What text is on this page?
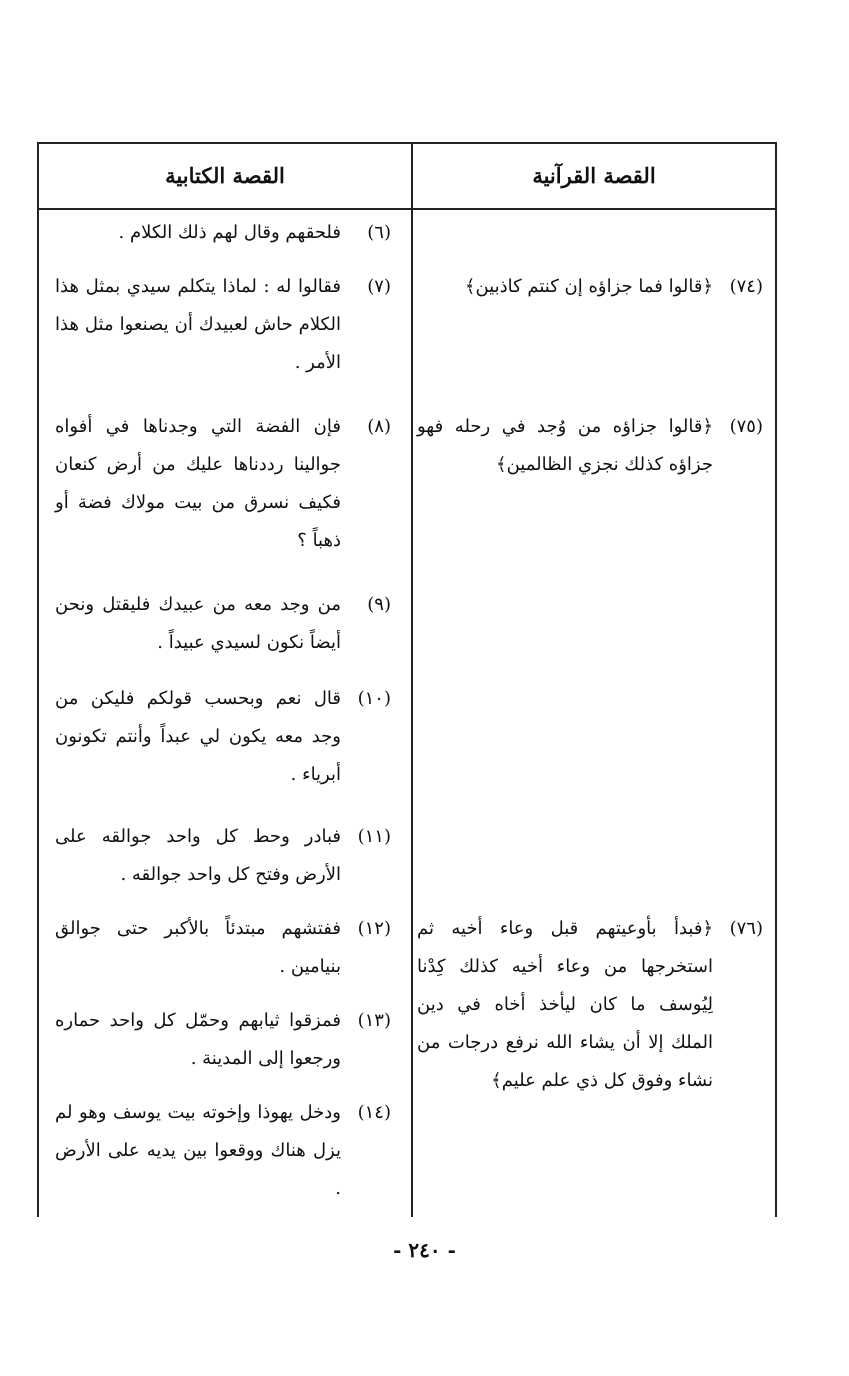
القصة القرآنية
القصة الكتابية
(٧٤)
﴿قالوا فما جزاؤه إن كنتم كاذبين﴾
(٧٥)
﴿قالوا جزاؤه من وُجد في رحله فهو جزاؤه كذلك نجزي الظالمين﴾
(٧٦)
﴿فبدأ بأوعيتهم قبل وعاء أخيه ثم استخرجها من وعاء أخيه كذلك كِدْنا لِيُوسف ما كان ليأخذ أخاه في دين الملك إلا أن يشاء الله نرفع درجات من نشاء وفوق كل ذي علم عليم﴾
(٦)
فلحقهم وقال لهم ذلك الكلام .
(٧)
فقالوا له : لماذا يتكلم سيدي بمثل هذا الكلام حاش لعبيدك أن يصنعوا مثل هذا الأمر .
(٨)
فإن الفضة التي وجدناها في أفواه جوالينا رددناها عليك من أرض كنعان فكيف نسرق من بيت مولاك فضة أو ذهباً ؟
(٩)
من وجد معه من عبيدك فليقتل ونحن أيضاً نكون لسيدي عبيداً .
(١٠)
قال نعم وبحسب قولكم فليكن من وجد معه يكون لي عبداً وأنتم تكونون أبرياء .
(١١)
فبادر وحط كل واحد جوالقه على الأرض وفتح كل واحد جوالقه .
(١٢)
ففتشهم مبتدئاً بالأكبر حتى جوالق بنيامين .
(١٣)
فمزقوا ثيابهم وحمّل كل واحد حماره ورجعوا إلى المدينة .
(١٤)
ودخل يهوذا وإخوته بيت يوسف وهو لم يزل هناك ووقعوا بين يديه على الأرض .
- ٢٤٠ -
